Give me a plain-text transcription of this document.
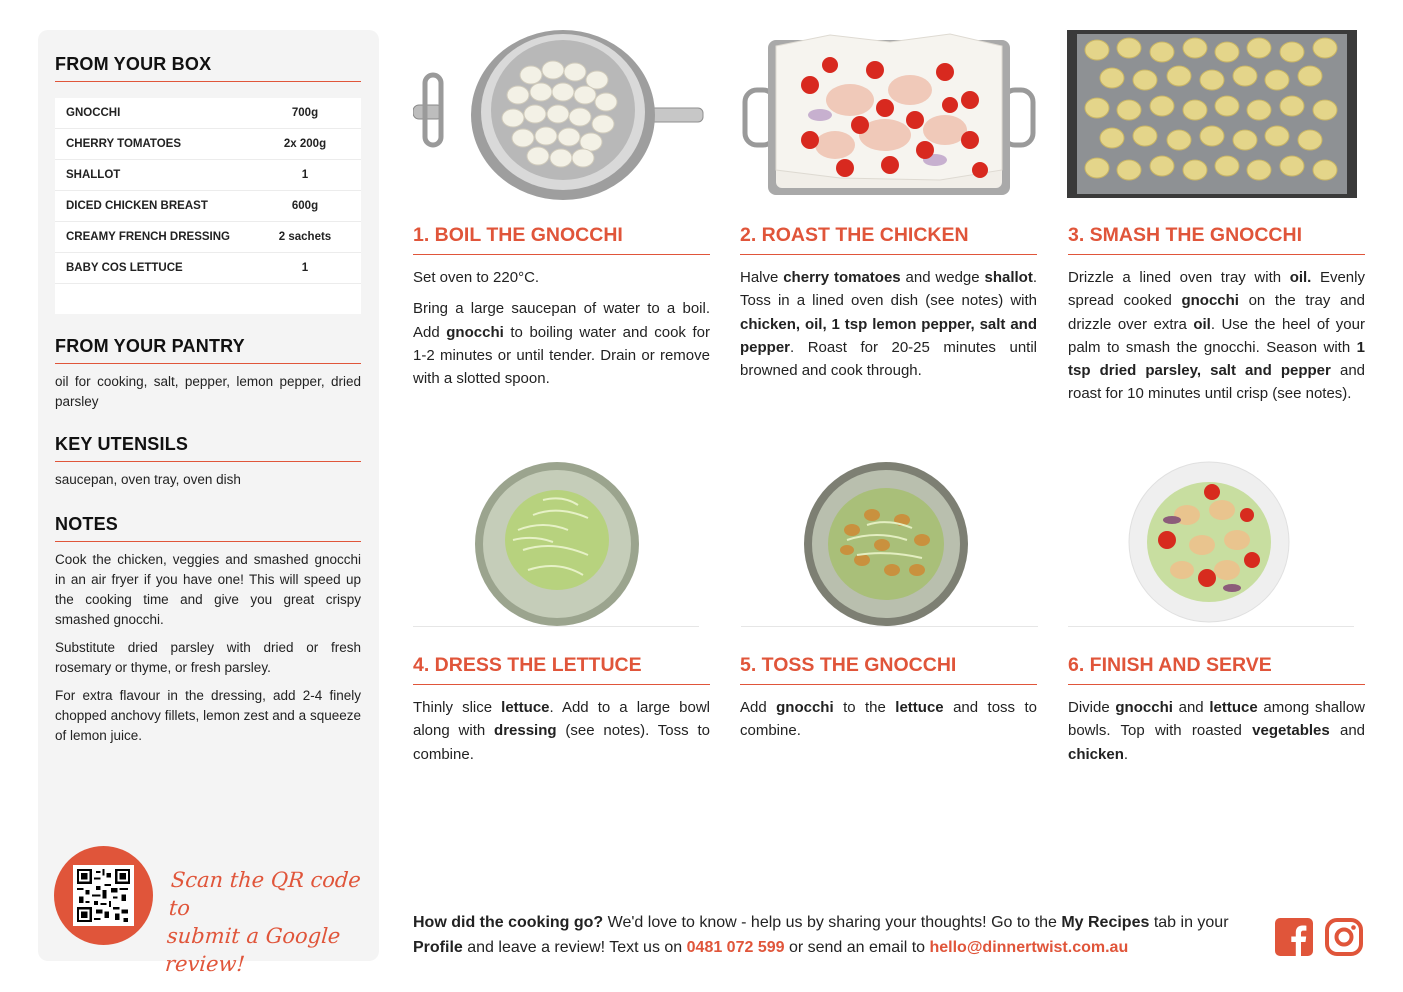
FROM YOUR BOX
GNOCCHI	700g
CHERRY TOMATOES	2x 200g
SHALLOT	1
DICED CHICKEN BREAST	600g
CREAMY FRENCH DRESSING	2 sachets
BABY COS LETTUCE	1
FROM YOUR PANTRY
oil for cooking, salt, pepper, lemon pepper, dried parsley
KEY UTENSILS
saucepan, oven tray, oven dish
NOTES

Cook the chicken, veggies and smashed gnocchi in an air fryer if you have one! This will speed up the cooking time and give you great crispy smashed gnocchi.

Substitute dried parsley with dried or fresh rosemary or thyme, or fresh parsley.

For extra flavour in the dressing, add 2-4 finely chopped anchovy fillets, lemon zest and a squeeze of lemon juice.

Scan the QR code to
submit a Google review!
1. BOIL THE GNOCCHI	2. ROAST THE CHICKEN	3. SMASH THE GNOCCHI
4. DRESS THE LETTUCE	5. TOSS THE GNOCCHI	6. FINISH AND SERVE

Set oven to 220°C.

Bring a large saucepan of water to a boil. Add gnocchi to boiling water and cook for 1-2 minutes or until tender. Drain or remove with a slotted spoon.

Halve cherry tomatoes and wedge shallot. Toss in a lined oven dish (see notes) with chicken, oil, 1 tsp lemon pepper, salt and pepper. Roast for 20-25 minutes until browned and cook through.

Drizzle a lined oven tray with oil. Evenly spread cooked gnocchi on the tray and drizzle over extra oil. Use the heel of your palm to smash the gnocchi. Season with 1 tsp dried parsley, salt and pepper and roast for 10 minutes until crisp (see notes).

Thinly slice lettuce. Add to a large bowl along with dressing (see notes). Toss to combine.

Add gnocchi to the lettuce and toss to combine.

Divide gnocchi and lettuce among shallow bowls. Top with roasted vegetables and chicken.

How did the cooking go? We'd love to know - help us by sharing your thoughts! Go to the My Recipes tab in your Profile and leave a review! Text us on 0481 072 599 or send an email to hello@dinnertwist.com.au
